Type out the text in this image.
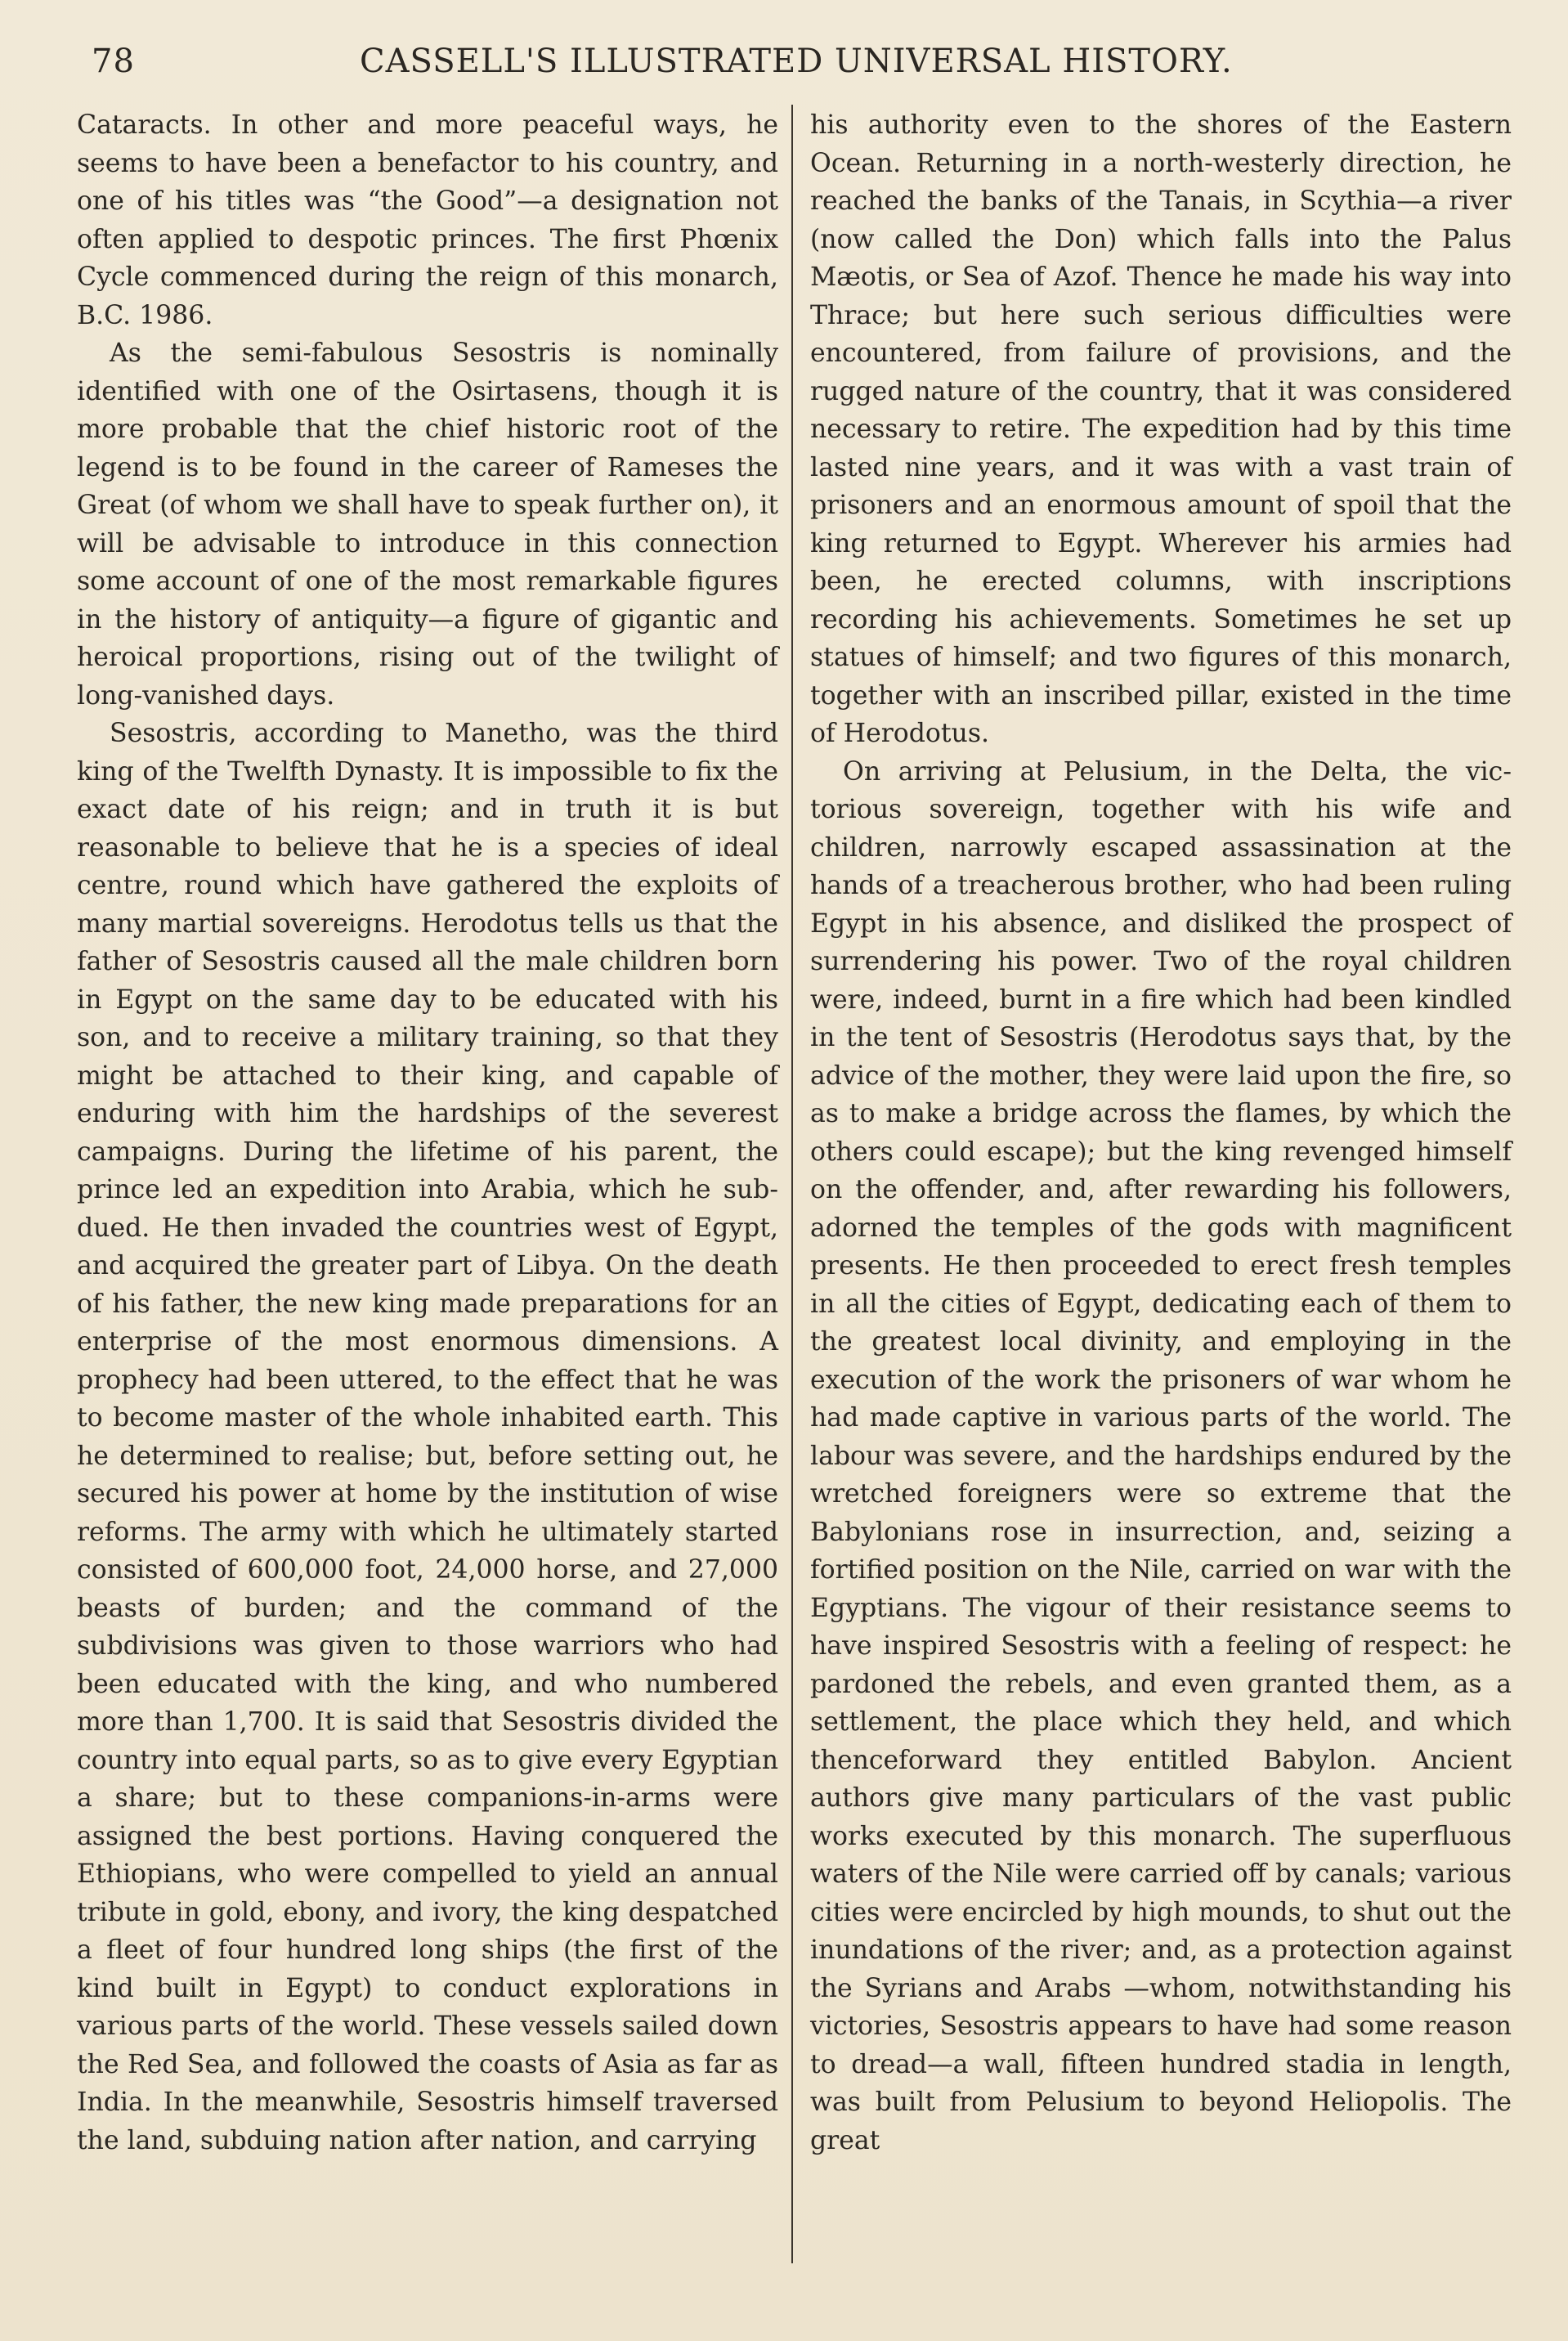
78	CASSELL'S ILLUSTRATED UNIVERSAL HISTORY.

Cataracts. In other and more peaceful ways, he seems to have been a benefactor to his country, and one of his titles was “the Good”—a designation not often applied to despotic princes. The first Phœnix Cycle commenced during the reign of this monarch, B.C. 1986.

As the semi-fabulous Sesostris is nominally identified with one of the Osirtasens, though it is more probable that the chief historic root of the legend is to be found in the career of Rameses the Great (of whom we shall have to speak further on), it will be advisable to introduce in this connection some account of one of the most remarkable figures in the history of antiquity—a figure of gigantic and heroical proportions, rising out of the twilight of long-vanished days.

Sesostris, according to Manetho, was the third king of the Twelfth Dynasty. It is impossible to fix the exact date of his reign; and in truth it is but reasonable to believe that he is a species of ideal centre, round which have gathered the exploits of many martial sovereigns. Herodotus tells us that the father of Sesostris caused all the male children born in Egypt on the same day to be educated with his son, and to receive a military training, so that they might be attached to their king, and capable of enduring with him the hardships of the severest campaigns. During the lifetime of his parent, the prince led an expedition into Arabia, which he subdued. He then invaded the countries west of Egypt, and acquired the greater part of Libya. On the death of his father, the new king made preparations for an enterprise of the most enormous dimensions. A prophecy had been uttered, to the effect that he was to become master of the whole inhabited earth. This he determined to realise; but, before setting out, he secured his power at home by the institution of wise reforms. The army with which he ultimately started consisted of 600,000 foot, 24,000 horse, and 27,000 beasts of burden; and the command of the subdivisions was given to those warriors who had been educated with the king, and who numbered more than 1,700. It is said that Sesostris divided the country into equal parts, so as to give every Egyptian a share; but to these companions-in-arms were assigned the best portions. Having conquered the Ethiopians, who were compelled to yield an annual tribute in gold, ebony, and ivory, the king despatched a fleet of four hundred long ships (the first of the kind built in Egypt) to conduct explorations in various parts of the world. These vessels sailed down the Red Sea, and followed the coasts of Asia as far as India. In the meanwhile, Sesostris himself traversed the land, subduing nation after nation, and carrying

his authority even to the shores of the Eastern Ocean. Returning in a north-westerly direction, he reached the banks of the Tanais, in Scythia—a river (now called the Don) which falls into the Palus Mæotis, or Sea of Azof. Thence he made his way into Thrace; but here such serious difficulties were encountered, from failure of provisions, and the rugged nature of the country, that it was considered necessary to retire. The expedition had by this time lasted nine years, and it was with a vast train of prisoners and an enormous amount of spoil that the king returned to Egypt. Wherever his armies had been, he erected columns, with inscriptions recording his achievements. Sometimes he set up statues of himself; and two figures of this monarch, together with an inscribed pillar, existed in the time of Herodotus.

On arriving at Pelusium, in the Delta, the victorious sovereign, together with his wife and children, narrowly escaped assassination at the hands of a treacherous brother, who had been ruling Egypt in his absence, and disliked the prospect of surrendering his power. Two of the royal children were, indeed, burnt in a fire which had been kindled in the tent of Sesostris (Herodotus says that, by the advice of the mother, they were laid upon the fire, so as to make a bridge across the flames, by which the others could escape); but the king revenged himself on the offender, and, after rewarding his followers, adorned the temples of the gods with magnificent presents. He then proceeded to erect fresh temples in all the cities of Egypt, dedicating each of them to the greatest local divinity, and employing in the execution of the work the prisoners of war whom he had made captive in various parts of the world. The labour was severe, and the hardships endured by the wretched foreigners were so extreme that the Babylonians rose in insurrection, and, seizing a fortified position on the Nile, carried on war with the Egyptians. The vigour of their resistance seems to have inspired Sesostris with a feeling of respect: he pardoned the rebels, and even granted them, as a settlement, the place which they held, and which thenceforward they entitled Babylon. Ancient authors give many particulars of the vast public works executed by this monarch. The superfluous waters of the Nile were carried off by canals; various cities were encircled by high mounds, to shut out the inundations of the river; and, as a protection against the Syrians and Arabs —whom, notwithstanding his victories, Sesostris appears to have had some reason to dread—a wall, fifteen hundred stadia in length, was built from Pelusium to beyond Heliopolis. The great
